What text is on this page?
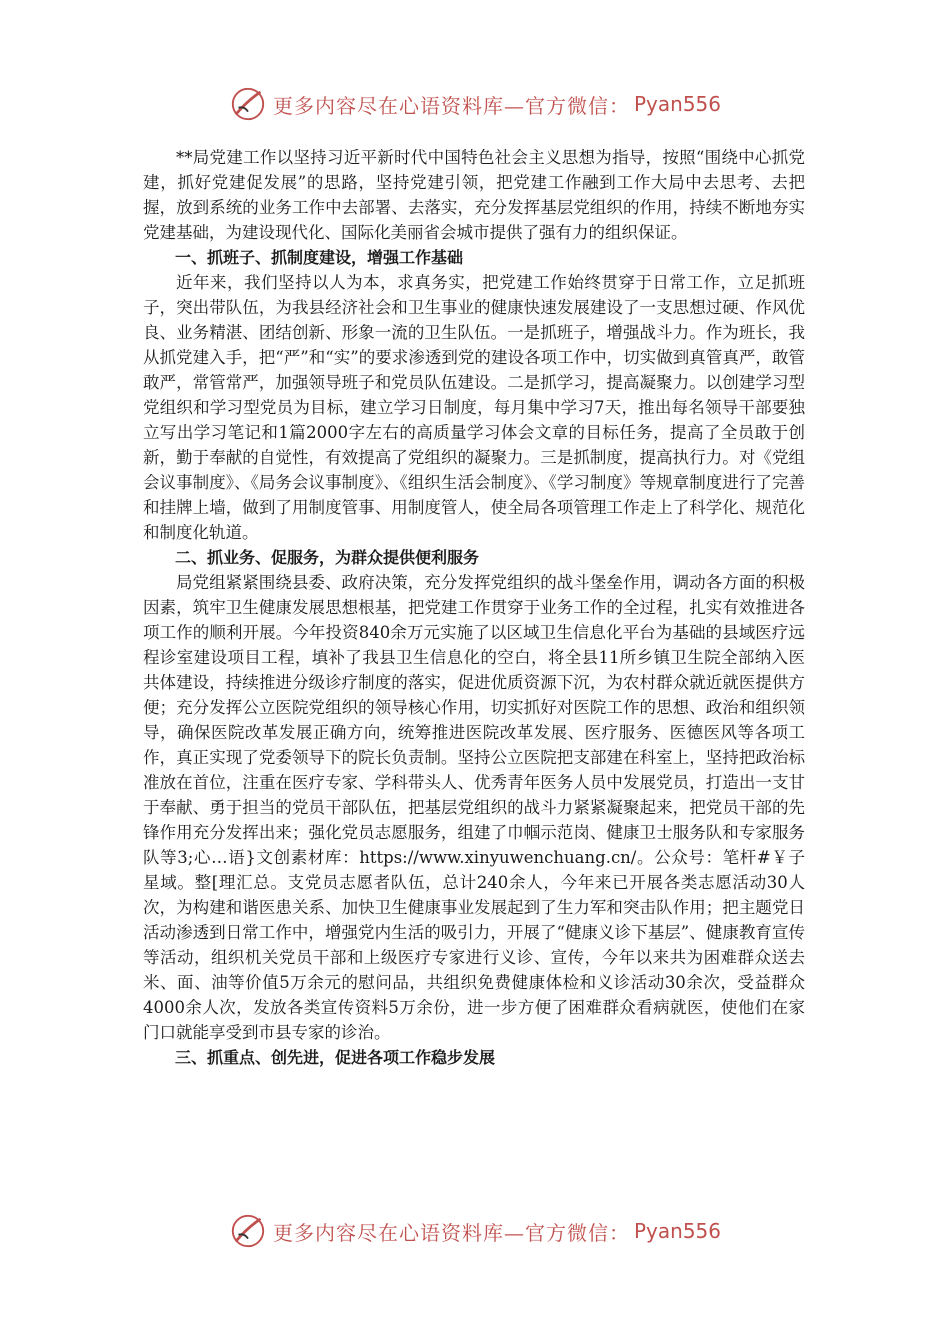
更多内容尽在心语资料库—官方微信： Pyan556

**局党建工作以坚持习近平新时代中国特色社会主义思想为指导，按照“围绕中心抓党建，抓好党建促发展”的思路，坚持党建引领，把党建工作融到工作大局中去思考、去把握，放到系统的业务工作中去部署、去落实，充分发挥基层党组织的作用，持续不断地夯实党建基础，为建设现代化、国际化美丽省会城市提供了强有力的组织保证。

一、抓班子、抓制度建设，增强工作基础

近年来，我们坚持以人为本，求真务实，把党建工作始终贯穿于日常工作，立足抓班子，突出带队伍，为我县经济社会和卫生事业的健康快速发展建设了一支思想过硬、作风优良、业务精湛、团结创新、形象一流的卫生队伍。一是抓班子，增强战斗力。作为班长，我从抓党建入手，把“严”和“实”的要求渗透到党的建设各项工作中，切实做到真管真严，敢管敢严，常管常严，加强领导班子和党员队伍建设。二是抓学习，提高凝聚力。以创建学习型党组织和学习型党员为目标，建立学习日制度，每月集中学习7天，推出每名领导干部要独立写出学习笔记和1篇2000字左右的高质量学习体会文章的目标任务，提高了全员敢于创新，勤于奉献的自觉性，有效提高了党组织的凝聚力。三是抓制度，提高执行力。对《党组会议事制度》、《局务会议事制度》、《组织生活会制度》、《学习制度》等规章制度进行了完善和挂牌上墙，做到了用制度管事、用制度管人，使全局各项管理工作走上了科学化、规范化和制度化轨道。

二、抓业务、促服务，为群众提供便利服务

局党组紧紧围绕县委、政府决策，充分发挥党组织的战斗堡垒作用，调动各方面的积极因素，筑牢卫生健康发展思想根基，把党建工作贯穿于业务工作的全过程，扎实有效推进各项工作的顺利开展。今年投资840余万元实施了以区域卫生信息化平台为基础的县域医疗远程诊室建设项目工程，填补了我县卫生信息化的空白，将全县11所乡镇卫生院全部纳入医共体建设，持续推进分级诊疗制度的落实，促进优质资源下沉，为农村群众就近就医提供方便；充分发挥公立医院党组织的领导核心作用，切实抓好对医院工作的思想、政治和组织领导，确保医院改革发展正确方向，统筹推进医院改革发展、医疗服务、医德医风等各项工作，真正实现了党委领导下的院长负责制。坚持公立医院把支部建在科室上，坚持把政治标准放在首位，注重在医疗专家、学科带头人、优秀青年医务人员中发展党员，打造出一支甘于奉献、勇于担当的党员干部队伍，把基层党组织的战斗力紧紧凝聚起来，把党员干部的先锋作用充分发挥出来；强化党员志愿服务，组建了巾帼示范岗、健康卫士服务队和专家服务队等3;心…语}文创素材库：https://www.xinyuwenchuang.cn/。公众号：笔杆#￥子星域。整[理汇总。支党员志愿者队伍，总计240余人，今年来已开展各类志愿活动30人次，为构建和谐医患关系、加快卫生健康事业发展起到了生力军和突击队作用；把主题党日活动渗透到日常工作中，增强党内生活的吸引力，开展了“健康义诊下基层”、健康教育宣传等活动，组织机关党员干部和上级医疗专家进行义诊、宣传，今年以来共为困难群众送去米、面、油等价值5万余元的慰问品，共组织免费健康体检和义诊活动30余次，受益群众4000余人次，发放各类宣传资料5万余份，进一步方便了困难群众看病就医，使他们在家门口就能享受到市县专家的诊治。

三、抓重点、创先进，促进各项工作稳步发展

更多内容尽在心语资料库—官方微信： Pyan556
